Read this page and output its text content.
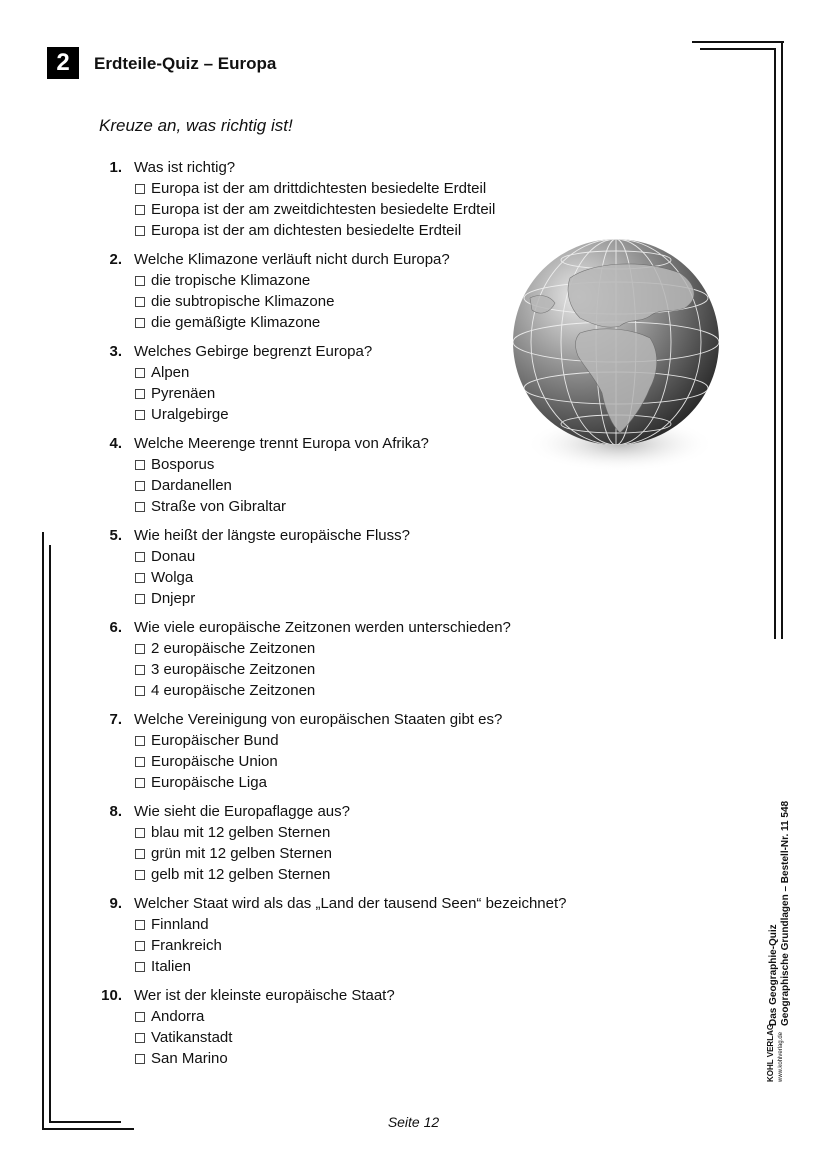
2 Erdteile-Quiz – Europa
Kreuze an, was richtig ist!
1. Was ist richtig?
Europa ist der am drittdichtesten besiedelte Erdteil
Europa ist der am zweitdichtesten besiedelte Erdteil
Europa ist der am dichtesten besiedelte Erdteil
2. Welche Klimazone verläuft nicht durch Europa?
die tropische Klimazone
die subtropische Klimazone
die gemäßigte Klimazone
3. Welches Gebirge begrenzt Europa?
Alpen
Pyrenäen
Uralgebirge
4. Welche Meerenge trennt Europa von Afrika?
Bosporus
Dardanellen
Straße von Gibraltar
5. Wie heißt der längste europäische Fluss?
Donau
Wolga
Dnjepr
6. Wie viele europäische Zeitzonen werden unterschieden?
2 europäische Zeitzonen
3 europäische Zeitzonen
4 europäische Zeitzonen
7. Welche Vereinigung von europäischen Staaten gibt es?
Europäischer Bund
Europäische Union
Europäische Liga
8. Wie sieht die Europaflagge aus?
blau mit 12 gelben Sternen
grün mit 12 gelben Sternen
gelb mit 12 gelben Sternen
9. Welcher Staat wird als das „Land der tausend Seen“ bezeichnet?
Finnland
Frankreich
Italien
10. Wer ist der kleinste europäische Staat?
Andorra
Vatikanstadt
San Marino	KOHL VERLAG www.kohlverlag.de
Das Geographie-Quiz Geographische Grundlagen – Bestell-Nr. 11 548
Seite 12
